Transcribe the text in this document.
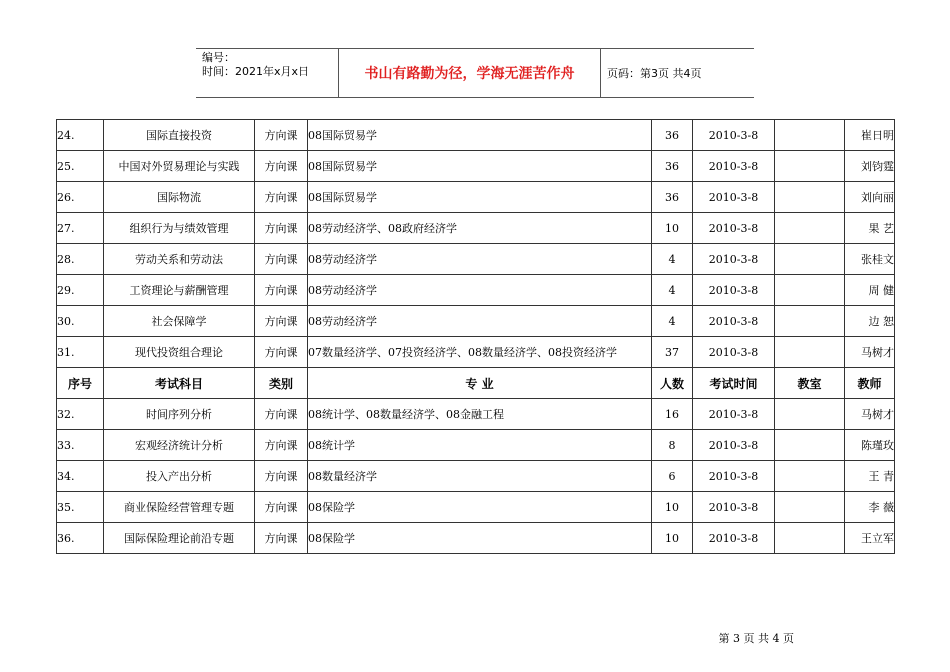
编号：
时间：2021年x月x日	书山有路勤为径，学海无涯苦作舟	页码：第3页 共4页
24.	国际直接投资	方向课	08国际贸易学	36	2010-3-8		崔日明
25.	中国对外贸易理论与实践	方向课	08国际贸易学	36	2010-3-8		刘钧霆
26.	国际物流	方向课	08国际贸易学	36	2010-3-8		刘向丽
27.	组织行为与绩效管理	方向课	08劳动经济学、08政府经济学	10	2010-3-8		果 艺
28.	劳动关系和劳动法	方向课	08劳动经济学	4	2010-3-8		张桂文
29.	工资理论与薪酬管理	方向课	08劳动经济学	4	2010-3-8		周 健
30.	社会保障学	方向课	08劳动经济学	4	2010-3-8		边 恕
31.	现代投资组合理论	方向课	07数量经济学、07投资经济学、08数量经济学、08投资经济学	37	2010-3-8		马树才
序号	考试科目	类别	专 业	人数	考试时间	教室	教师
32.	时间序列分析	方向课	08统计学、08数量经济学、08金融工程	16	2010-3-8		马树才
33.	宏观经济统计分析	方向课	08统计学	8	2010-3-8		陈瑾玫
34.	投入产出分析	方向课	08数量经济学	6	2010-3-8		王 青
35.	商业保险经营管理专题	方向课	08保险学	10	2010-3-8		李 薇
36.	国际保险理论前沿专题	方向课	08保险学	10	2010-3-8		王立军
第 3 页 共 4 页
